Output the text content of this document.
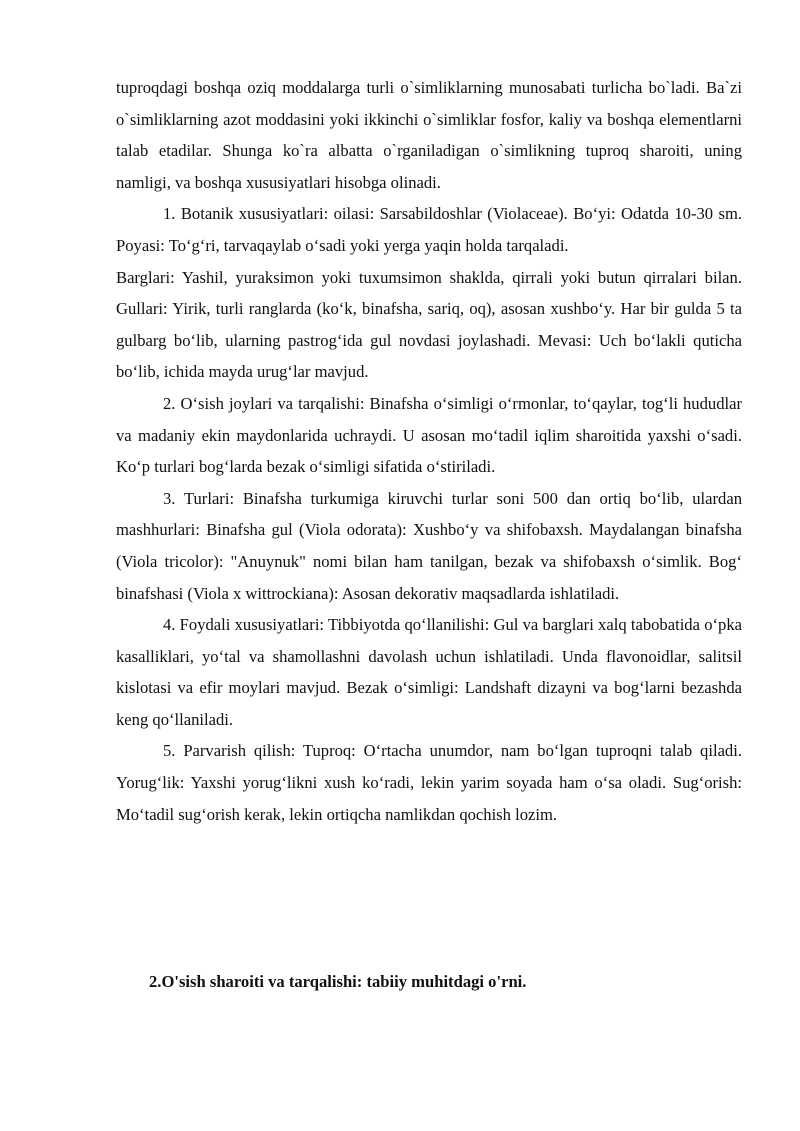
tuproqdagi boshqa oziq moddalarga turli o`simliklarning munosabati turlicha bo`ladi. Ba`zi o`simliklarning azot moddasini yoki ikkinchi o`simliklar fosfor, kaliy va boshqa elementlarni talab etadilar. Shunga ko`ra albatta o`rganiladigan o`simlikning tuproq sharoiti, uning namligi, va boshqa xususiyatlari hisobga olinadi.

1. Botanik xususiyatlari: oilasi: Sarsabildoshlar (Violaceae). Bo‘yi: Odatda 10-30 sm. Poyasi: To‘g‘ri, tarvaqaylab o‘sadi yoki yerga yaqin holda tarqaladi.

Barglari: Yashil, yuraksimon yoki tuxumsimon shaklda, qirrali yoki butun qirralari bilan. Gullari: Yirik, turli ranglarda (ko‘k, binafsha, sariq, oq), asosan xushbo‘y. Har bir gulda 5 ta gulbarg bo‘lib, ularning pastrog‘ida gul novdasi joylashadi. Mevasi: Uch bo‘lakli quticha bo‘lib, ichida mayda urug‘lar mavjud.

2. O‘sish joylari va tarqalishi: Binafsha o‘simligi o‘rmonlar, to‘qaylar, tog‘li hududlar va madaniy ekin maydonlarida uchraydi. U asosan mo‘tadil iqlim sharoitida yaxshi o‘sadi. Ko‘p turlari bog‘larda bezak o‘simligi sifatida o‘stiriladi.

3. Turlari: Binafsha turkumiga kiruvchi turlar soni 500 dan ortiq bo‘lib, ulardan mashhurlari: Binafsha gul (Viola odorata): Xushbo‘y va shifobaxsh. Maydalangan binafsha (Viola tricolor): "Anuynuk" nomi bilan ham tanilgan, bezak va shifobaxsh o‘simlik. Bog‘ binafshasi (Viola x wittrockiana): Asosan dekorativ maqsadlarda ishlatiladi.

4. Foydali xususiyatlari: Tibbiyotda qo‘llanilishi: Gul va barglari xalq tabobatida o‘pka kasalliklari, yo‘tal va shamollashni davolash uchun ishlatiladi. Unda flavonoidlar, salitsil kislotasi va efir moylari mavjud. Bezak o‘simligi: Landshaft dizayni va bog‘larni bezashda keng qo‘llaniladi.

5. Parvarish qilish: Tuproq: O‘rtacha unumdor, nam bo‘lgan tuproqni talab qiladi. Yorug‘lik: Yaxshi yorug‘likni xush ko‘radi, lekin yarim soyada ham o‘sa oladi. Sug‘orish: Mo‘tadil sug‘orish kerak, lekin ortiqcha namlikdan qochish lozim.

2.O'sish sharoiti va tarqalishi: tabiiy muhitdagi o'rni.
